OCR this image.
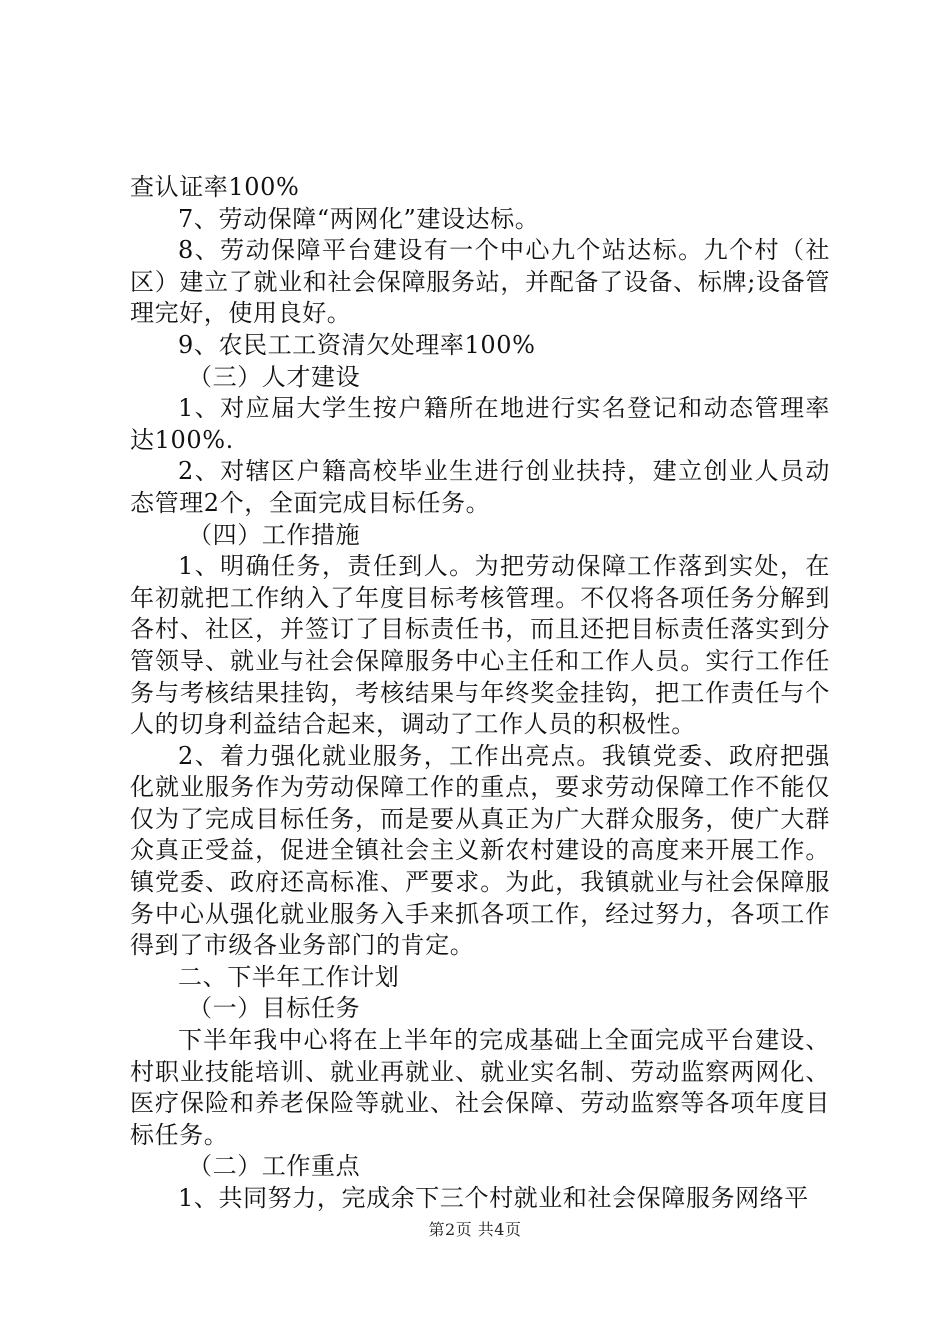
查认证率100%

7、劳动保障“两网化”建设达标。

8、劳动保障平台建设有一个中心九个站达标。九个村（社区）建立了就业和社会保障服务站，并配备了设备、标牌;设备管理完好，使用良好。

9、农民工工资清欠处理率100%

（三）人才建设

1、对应届大学生按户籍所在地进行实名登记和动态管理率达100%.

2、对辖区户籍高校毕业生进行创业扶持，建立创业人员动态管理2个，全面完成目标任务。

（四）工作措施

1、明确任务，责任到人。为把劳动保障工作落到实处，在年初就把工作纳入了年度目标考核管理。不仅将各项任务分解到各村、社区，并签订了目标责任书，而且还把目标责任落实到分管领导、就业与社会保障服务中心主任和工作人员。实行工作任务与考核结果挂钩，考核结果与年终奖金挂钩，把工作责任与个人的切身利益结合起来，调动了工作人员的积极性。

2、着力强化就业服务，工作出亮点。我镇党委、政府把强化就业服务作为劳动保障工作的重点，要求劳动保障工作不能仅仅为了完成目标任务，而是要从真正为广大群众服务，使广大群众真正受益，促进全镇社会主义新农村建设的高度来开展工作。镇党委、政府还高标准、严要求。为此，我镇就业与社会保障服务中心从强化就业服务入手来抓各项工作，经过努力，各项工作得到了市级各业务部门的肯定。

二、下半年工作计划

（一）目标任务

下半年我中心将在上半年的完成基础上全面完成平台建设、村职业技能培训、就业再就业、就业实名制、劳动监察两网化、医疗保险和养老保险等就业、社会保障、劳动监察等各项年度目标任务。

（二）工作重点

1、共同努力，完成余下三个村就业和社会保障服务网络平

第2页 共4页
